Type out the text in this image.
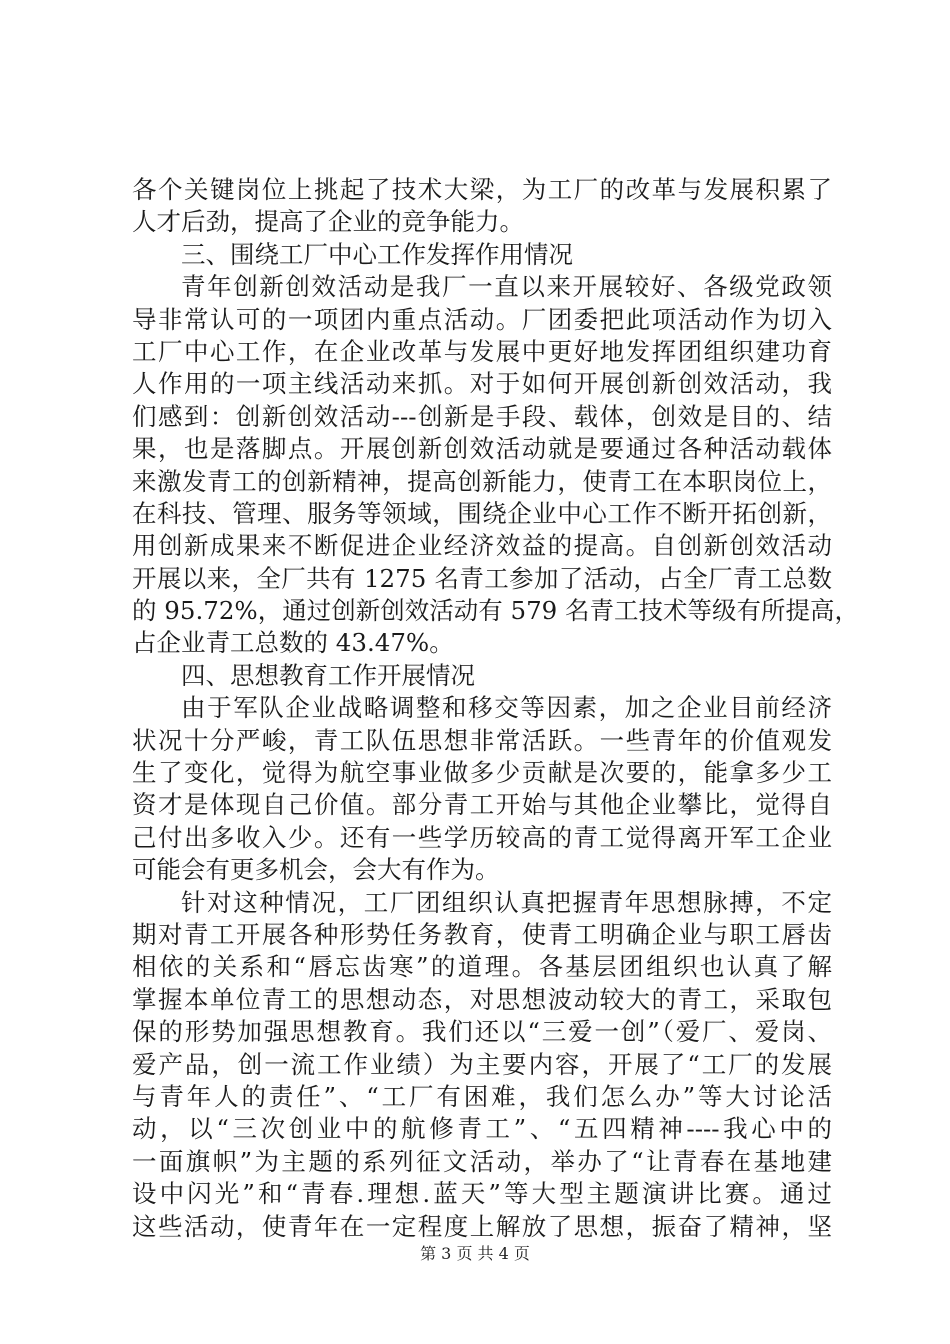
各个关键岗位上挑起了技术大梁，为工厂的改革与发展积累了
人才后劲，提高了企业的竞争能力。
三、围绕工厂中心工作发挥作用情况
青年创新创效活动是我厂一直以来开展较好、各级党政领
导非常认可的一项团内重点活动。厂团委把此项活动作为切入
工厂中心工作，在企业改革与发展中更好地发挥团组织建功育
人作用的一项主线活动来抓。对于如何开展创新创效活动，我
们感到：创新创效活动---创新是手段、载体，创效是目的、结
果，也是落脚点。开展创新创效活动就是要通过各种活动载体
来激发青工的创新精神，提高创新能力，使青工在本职岗位上，
在科技、管理、服务等领域，围绕企业中心工作不断开拓创新，
用创新成果来不断促进企业经济效益的提高。自创新创效活动
开展以来，全厂共有 1275 名青工参加了活动，占全厂青工总数
的 95.72%，通过创新创效活动有 579 名青工技术等级有所提高，
占企业青工总数的 43.47%。
四、思想教育工作开展情况
由于军队企业战略调整和移交等因素，加之企业目前经济
状况十分严峻，青工队伍思想非常活跃。一些青年的价值观发
生了变化，觉得为航空事业做多少贡献是次要的，能拿多少工
资才是体现自己价值。部分青工开始与其他企业攀比，觉得自
己付出多收入少。还有一些学历较高的青工觉得离开军工企业
可能会有更多机会，会大有作为。
针对这种情况，工厂团组织认真把握青年思想脉搏，不定
期对青工开展各种形势任务教育，使青工明确企业与职工唇齿
相依的关系和“唇忘齿寒”的道理。各基层团组织也认真了解
掌握本单位青工的思想动态，对思想波动较大的青工，采取包
保的形势加强思想教育。我们还以“三爱一创”（爱厂、爱岗、
爱产品，创一流工作业绩）为主要内容，开展了“工厂的发展
与青年人的责任”、“工厂有困难，我们怎么办”等大讨论活
动，以“三次创业中的航修青工”、“五四精神----我心中的
一面旗帜”为主题的系列征文活动，举办了“让青春在基地建
设中闪光”和“青春.理想.蓝天”等大型主题演讲比赛。通过
这些活动，使青年在一定程度上解放了思想，振奋了精神，坚
第 3 页 共 4 页
